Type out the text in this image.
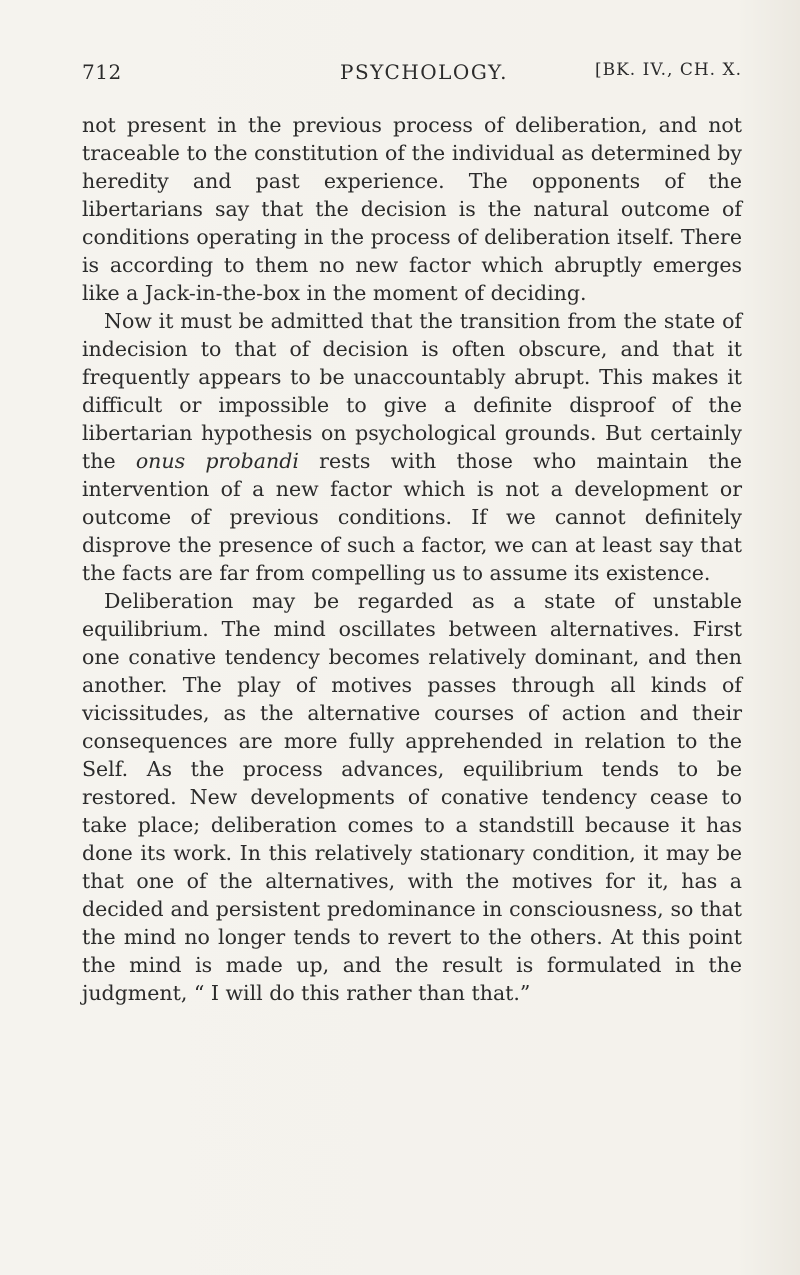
712	PSYCHOLOGY.	[BK. IV., CH. X.

not present in the previous process of deliberation, and not traceable to the constitution of the individual as determined by heredity and past experience. The opponents of the libertarians say that the decision is the natural outcome of conditions operating in the process of deliberation itself. There is according to them no new factor which abruptly emerges like a Jack-in-the-box in the moment of deciding.

Now it must be admitted that the transition from the state of indecision to that of decision is often obscure, and that it frequently appears to be unaccountably abrupt. This makes it difficult or impossible to give a definite disproof of the libertarian hypothesis on psychological grounds. But certainly the onus probandi rests with those who maintain the intervention of a new factor which is not a development or outcome of previous conditions. If we cannot definitely disprove the presence of such a factor, we can at least say that the facts are far from compelling us to assume its existence.

Deliberation may be regarded as a state of unstable equilibrium. The mind oscillates between alternatives. First one conative tendency becomes relatively dominant, and then another. The play of motives passes through all kinds of vicissitudes, as the alternative courses of action and their consequences are more fully apprehended in relation to the Self. As the process advances, equilibrium tends to be restored. New developments of conative tendency cease to take place; deliberation comes to a standstill because it has done its work. In this relatively stationary condition, it may be that one of the alternatives, with the motives for it, has a decided and persistent predominance in consciousness, so that the mind no longer tends to revert to the others. At this point the mind is made up, and the result is formulated in the judgment, “ I will do this rather than that.”
